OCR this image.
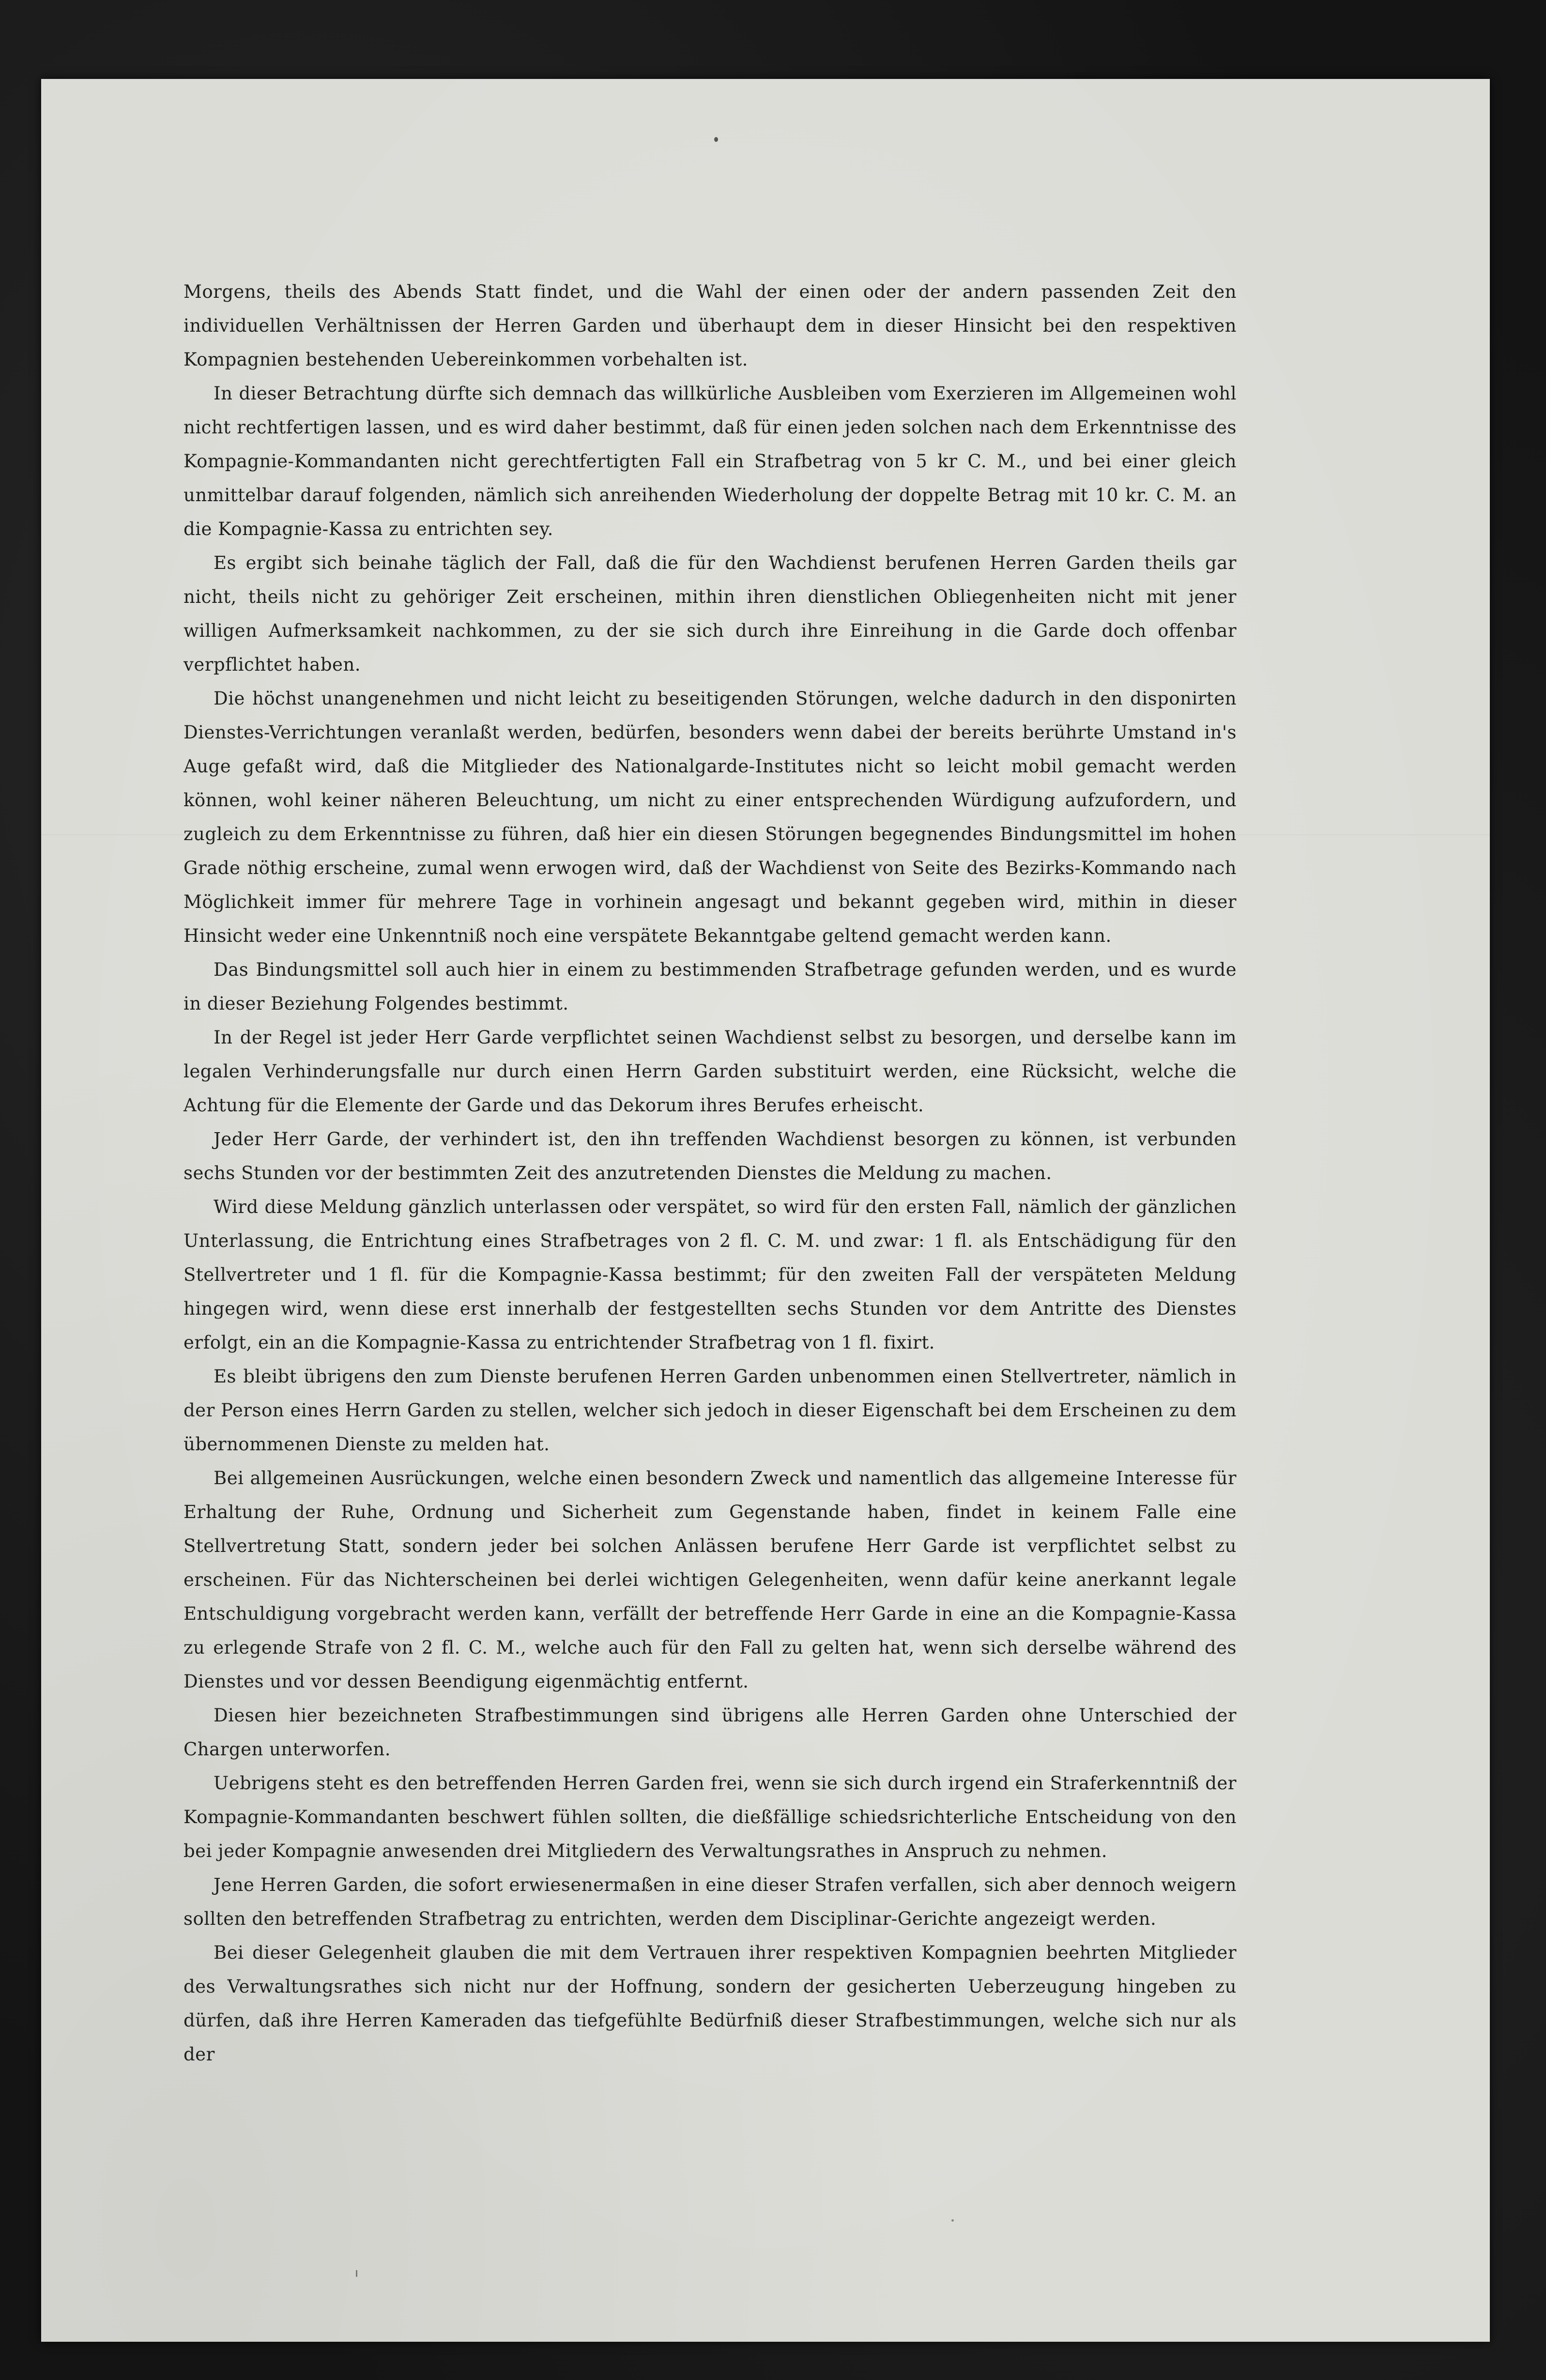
Morgens, theils des Abends Statt findet, und die Wahl der einen oder der andern passenden Zeit den individuellen Verhältnissen der Herren Garden und überhaupt dem in dieser Hinsicht bei den respektiven Kompagnien bestehenden Uebereinkommen vorbehalten ist.

In dieser Betrachtung dürfte sich demnach das willkürliche Ausbleiben vom Exerzieren im Allgemeinen wohl nicht rechtfertigen lassen, und es wird daher bestimmt, daß für einen jeden solchen nach dem Erkenntnisse des Kompagnie-Kommandanten nicht gerechtfertigten Fall ein Strafbetrag von 5 kr C. M., und bei einer gleich unmittelbar darauf folgenden, nämlich sich anreihenden Wiederholung der doppelte Betrag mit 10 kr. C. M. an die Kompagnie-Kassa zu entrichten sey.

Es ergibt sich beinahe täglich der Fall, daß die für den Wachdienst berufenen Herren Garden theils gar nicht, theils nicht zu gehöriger Zeit erscheinen, mithin ihren dienstlichen Obliegenheiten nicht mit jener willigen Aufmerksamkeit nachkommen, zu der sie sich durch ihre Einreihung in die Garde doch offenbar verpflichtet haben.

Die höchst unangenehmen und nicht leicht zu beseitigenden Störungen, welche dadurch in den disponirten Dienstes-Verrichtungen veranlaßt werden, bedürfen, besonders wenn dabei der bereits berührte Umstand in's Auge gefaßt wird, daß die Mitglieder des Nationalgarde-Institutes nicht so leicht mobil gemacht werden können, wohl keiner näheren Beleuchtung, um nicht zu einer entsprechenden Würdigung aufzufordern, und zugleich zu dem Erkenntnisse zu führen, daß hier ein diesen Störungen begegnendes Bindungsmittel im hohen Grade nöthig erscheine, zumal wenn erwogen wird, daß der Wachdienst von Seite des Bezirks-Kommando nach Möglichkeit immer für mehrere Tage in vorhinein angesagt und bekannt gegeben wird, mithin in dieser Hinsicht weder eine Unkenntniß noch eine verspätete Bekanntgabe geltend gemacht werden kann.

Das Bindungsmittel soll auch hier in einem zu bestimmenden Strafbetrage gefunden werden, und es wurde in dieser Beziehung Folgendes bestimmt.

In der Regel ist jeder Herr Garde verpflichtet seinen Wachdienst selbst zu besorgen, und derselbe kann im legalen Verhinderungsfalle nur durch einen Herrn Garden substituirt werden, eine Rücksicht, welche die Achtung für die Elemente der Garde und das Dekorum ihres Berufes erheischt.

Jeder Herr Garde, der verhindert ist, den ihn treffenden Wachdienst besorgen zu können, ist verbunden sechs Stunden vor der bestimmten Zeit des anzutretenden Dienstes die Meldung zu machen.

Wird diese Meldung gänzlich unterlassen oder verspätet, so wird für den ersten Fall, nämlich der gänzlichen Unterlassung, die Entrichtung eines Strafbetrages von 2 fl. C. M. und zwar: 1 fl. als Entschädigung für den Stellvertreter und 1 fl. für die Kompagnie-Kassa bestimmt; für den zweiten Fall der verspäteten Meldung hingegen wird, wenn diese erst innerhalb der festgestellten sechs Stunden vor dem Antritte des Dienstes erfolgt, ein an die Kompagnie-Kassa zu entrichtender Strafbetrag von 1 fl. fixirt.

Es bleibt übrigens den zum Dienste berufenen Herren Garden unbenommen einen Stellvertreter, nämlich in der Person eines Herrn Garden zu stellen, welcher sich jedoch in dieser Eigenschaft bei dem Erscheinen zu dem übernommenen Dienste zu melden hat.

Bei allgemeinen Ausrückungen, welche einen besondern Zweck und namentlich das allgemeine Interesse für Erhaltung der Ruhe, Ordnung und Sicherheit zum Gegenstande haben, findet in keinem Falle eine Stellvertretung Statt, sondern jeder bei solchen Anlässen berufene Herr Garde ist verpflichtet selbst zu erscheinen. Für das Nichterscheinen bei derlei wichtigen Gelegenheiten, wenn dafür keine anerkannt legale Entschuldigung vorgebracht werden kann, verfällt der betreffende Herr Garde in eine an die Kompagnie-Kassa zu erlegende Strafe von 2 fl. C. M., welche auch für den Fall zu gelten hat, wenn sich derselbe während des Dienstes und vor dessen Beendigung eigenmächtig entfernt.

Diesen hier bezeichneten Strafbestimmungen sind übrigens alle Herren Garden ohne Unterschied der Chargen unterworfen.

Uebrigens steht es den betreffenden Herren Garden frei, wenn sie sich durch irgend ein Straferkenntniß der Kompagnie-Kommandanten beschwert fühlen sollten, die dießfällige schiedsrichterliche Entscheidung von den bei jeder Kompagnie anwesenden drei Mitgliedern des Verwaltungsrathes in Anspruch zu nehmen.

Jene Herren Garden, die sofort erwiesenermaßen in eine dieser Strafen verfallen, sich aber dennoch weigern sollten den betreffenden Strafbetrag zu entrichten, werden dem Disciplinar-Gerichte angezeigt werden.

Bei dieser Gelegenheit glauben die mit dem Vertrauen ihrer respektiven Kompagnien beehrten Mitglieder des Verwaltungsrathes sich nicht nur der Hoffnung, sondern der gesicherten Ueberzeugung hingeben zu dürfen, daß ihre Herren Kameraden das tiefgefühlte Bedürfniß dieser Strafbestimmungen, welche sich nur als der
